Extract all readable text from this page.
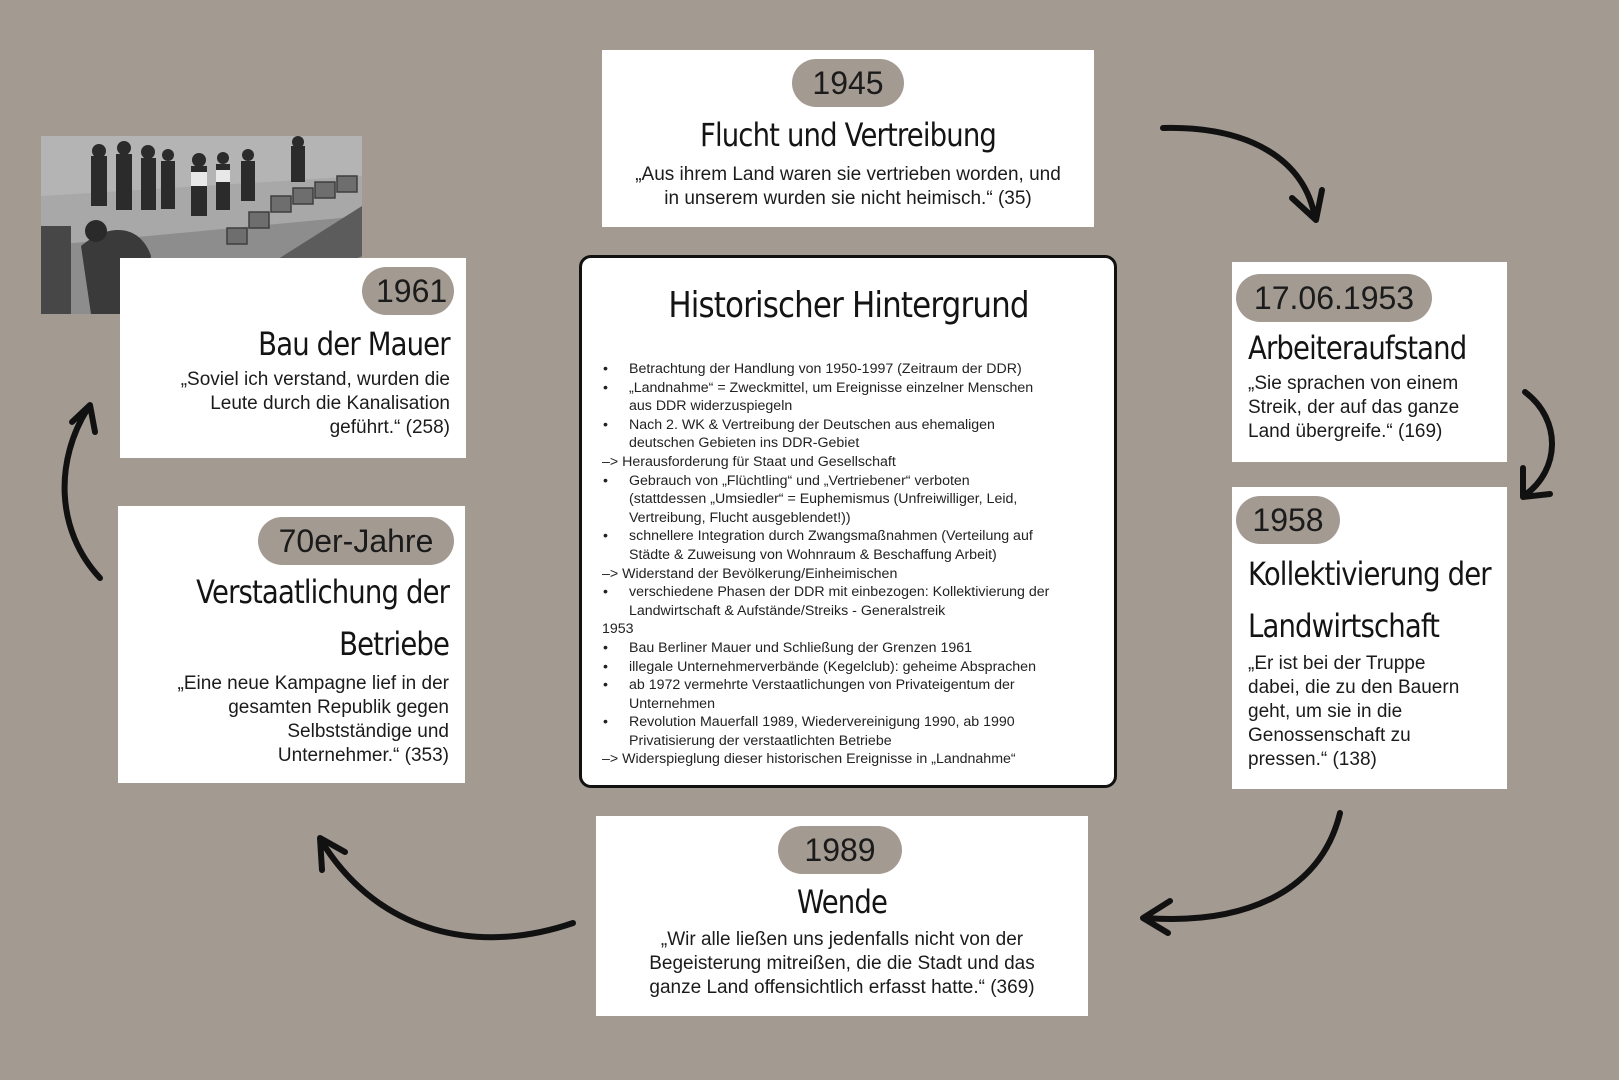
1945
Flucht und Vertreibung
„Aus ihrem Land waren sie vertrieben worden, und
in unserem wurden sie nicht heimisch.“ (35)
17.06.1953
Arbeiteraufstand
„Sie sprachen von einem
Streik, der auf das ganze
Land übergreife.“ (169)
1958
Kollektivierung der
Landwirtschaft
„Er ist bei der Truppe
dabei, die zu den Bauern
geht, um sie in die
Genossenschaft zu
pressen.“ (138)
1989
Wende
„Wir alle ließen uns jedenfalls nicht von der
Begeisterung mitreißen, die die Stadt und das
ganze Land offensichtlich erfasst hatte.“ (369)
70er-Jahre
Verstaatlichung der
Betriebe
„Eine neue Kampagne lief in der
gesamten Republik gegen
Selbstständige und
Unternehmer.“ (353)
1961
Bau der Mauer
„Soviel ich verstand, wurden die
Leute durch die Kanalisation
geführt.“ (258)
Historischer Hintergrund
• Betrachtung der Handlung von 1950-1997 (Zeitraum der DDR)
• „Landnahme“ = Zweckmittel, um Ereignisse einzelner Menschen
aus DDR widerzuspiegeln
• Nach 2. WK & Vertreibung der Deutschen aus ehemaligen
deutschen Gebieten ins DDR-Gebiet
–> Herausforderung für Staat und Gesellschaft
• Gebrauch von „Flüchtling“ und „Vertriebener“ verboten
(stattdessen „Umsiedler“ = Euphemismus (Unfreiwilliger, Leid,
Vertreibung, Flucht ausgeblendet!))
• schnellere Integration durch Zwangsmaßnahmen (Verteilung auf
Städte & Zuweisung von Wohnraum & Beschaffung Arbeit)
–> Widerstand der Bevölkerung/Einheimischen
• verschiedene Phasen der DDR mit einbezogen: Kollektivierung der
Landwirtschaft & Aufstände/Streiks - Generalstreik
1953
• Bau Berliner Mauer und Schließung der Grenzen 1961
• illegale Unternehmerverbände (Kegelclub): geheime Absprachen
• ab 1972 vermehrte Verstaatlichungen von Privateigentum der
Unternehmen
• Revolution Mauerfall 1989, Wiedervereinigung 1990, ab 1990
Privatisierung der verstaatlichten Betriebe
–> Widerspieglung dieser historischen Ereignisse in „Landnahme“
